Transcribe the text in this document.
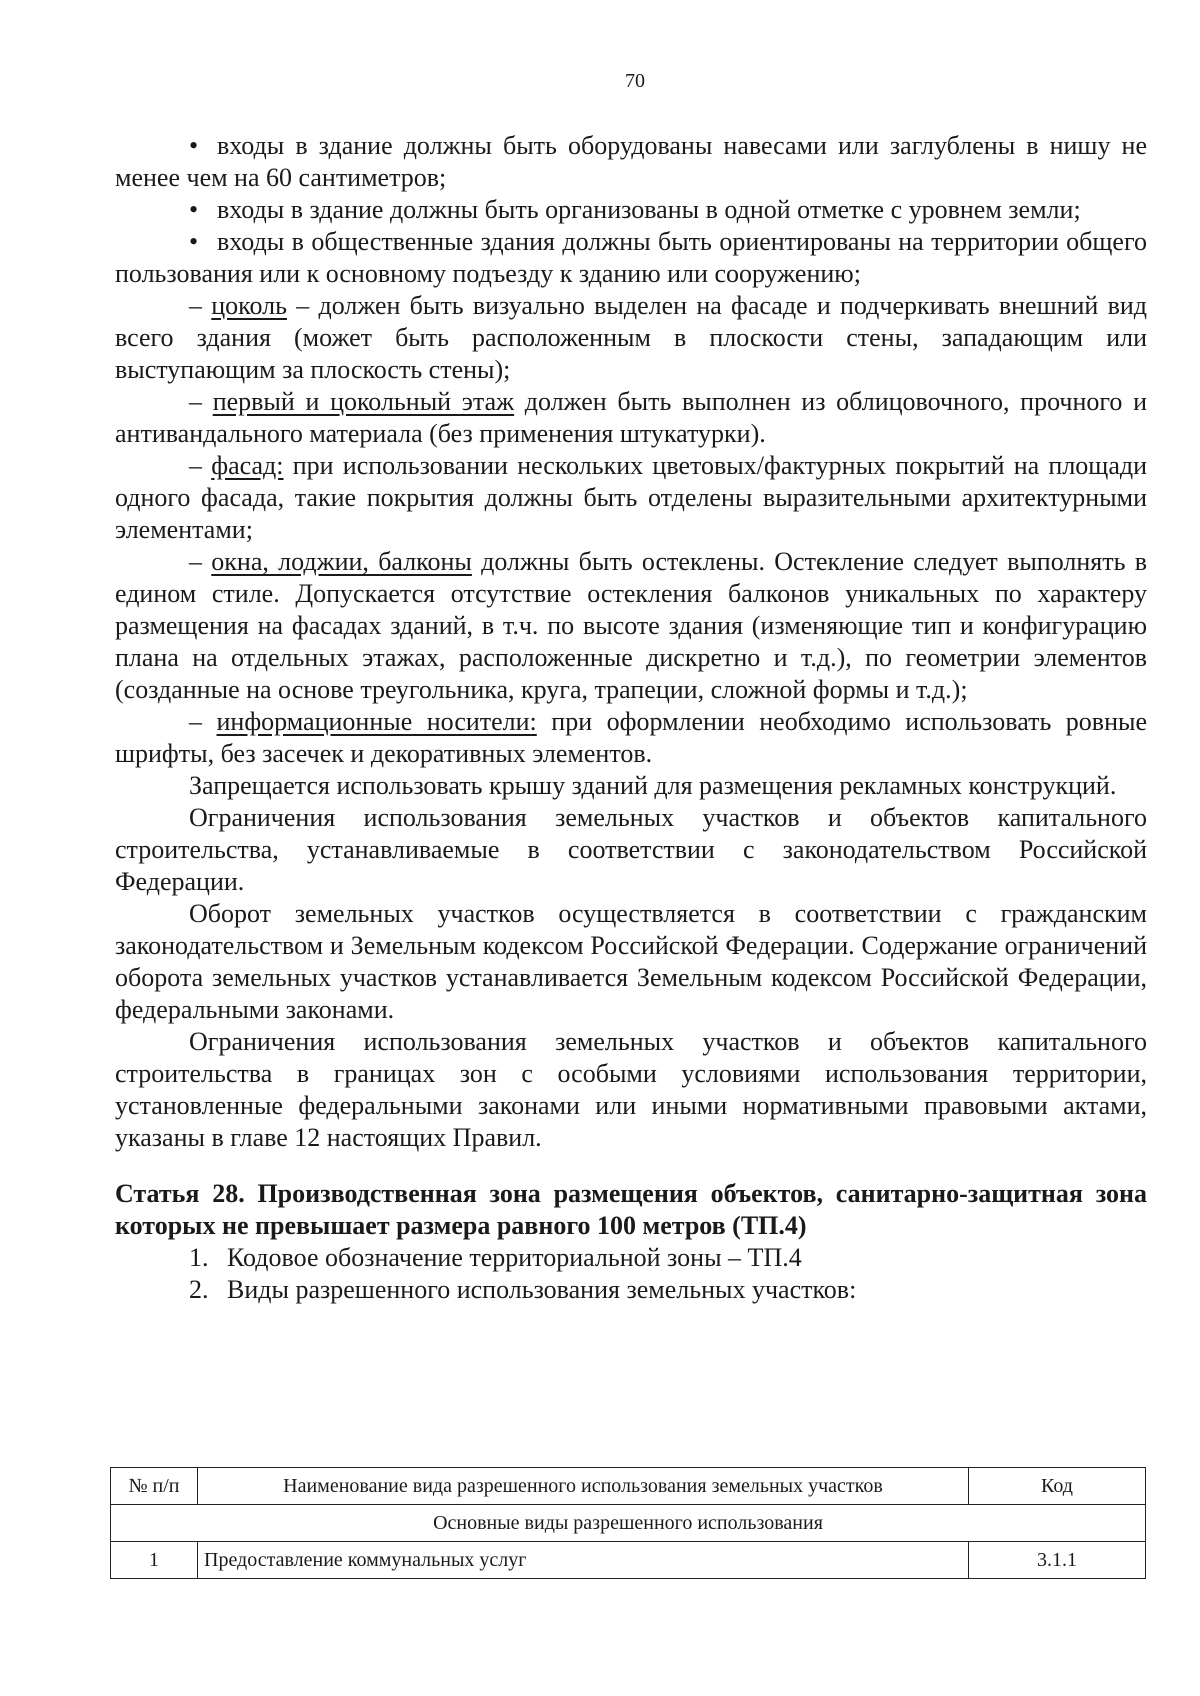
70

• входы в здание должны быть оборудованы навесами или заглублены в нишу не менее чем на 60 сантиметров;

• входы в здание должны быть организованы в одной отметке с уровнем земли;

• входы в общественные здания должны быть ориентированы на территории общего пользования или к основному подъезду к зданию или сооружению;

– цоколь – должен быть визуально выделен на фасаде и подчеркивать внешний вид всего здания (может быть расположенным в плоскости стены, западающим или выступающим за плоскость стены);

– первый и цокольный этаж должен быть выполнен из облицовочного, прочного и антивандального материала (без применения штукатурки).

– фасад: при использовании нескольких цветовых/фактурных покрытий на площади одного фасада, такие покрытия должны быть отделены выразительными архитектурными элементами;

– окна, лоджии, балконы должны быть остеклены. Остекление следует выполнять в едином стиле. Допускается отсутствие остекления балконов уникальных по характеру размещения на фасадах зданий, в т.ч. по высоте здания (изменяющие тип и конфигурацию плана на отдельных этажах, расположенные дискретно и т.д.), по геометрии элементов (созданные на основе треугольника, круга, трапеции, сложной формы и т.д.);

– информационные носители: при оформлении необходимо использовать ровные шрифты, без засечек и декоративных элементов.

Запрещается использовать крышу зданий для размещения рекламных конструкций.

Ограничения использования земельных участков и объектов капитального строительства, устанавливаемые в соответствии с законодательством Российской Федерации.

Оборот земельных участков осуществляется в соответствии с гражданским законодательством и Земельным кодексом Российской Федерации. Содержание ограничений оборота земельных участков устанавливается Земельным кодексом Российской Федерации, федеральными законами.

Ограничения использования земельных участков и объектов капитального строительства в границах зон с особыми условиями использования территории, установленные федеральными законами или иными нормативными правовыми актами, указаны в главе 12 настоящих Правил.

Статья 28. Производственная зона размещения объектов, санитарно-защитная зона которых не превышает размера равного 100 метров (ТП.4)

1. Кодовое обозначение территориальной зоны – ТП.4

2. Виды разрешенного использования земельных участков:

№ п/п	Наименование вида разрешенного использования земельных участков	Код
Основные виды разрешенного использования		
1	Предоставление коммунальных услуг	3.1.1
